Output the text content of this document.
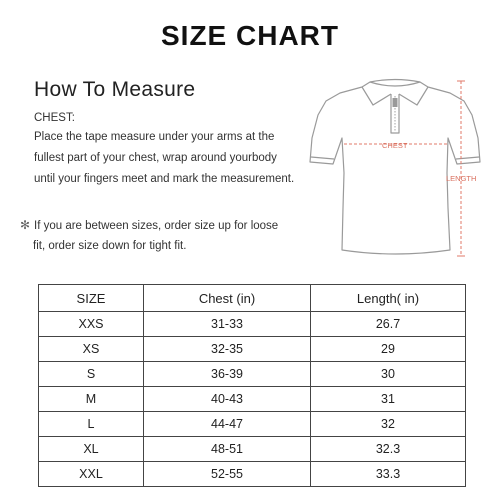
SIZE CHART
How To Measure
CHEST:
Place the tape measure under your arms at the
fullest part of your chest, wrap around yourbody
until your fingers meet and mark the measurement.
✻ If you are between sizes, order size up for loose
fit, order size down for tight fit.
CHEST
LENGTH
SIZE	Chest (in)	Length( in)
XXS	31-33	26.7
XS	32-35	29
S	36-39	30
M	40-43	31
L	44-47	32
XL	48-51	32.3
XXL	52-55	33.3
